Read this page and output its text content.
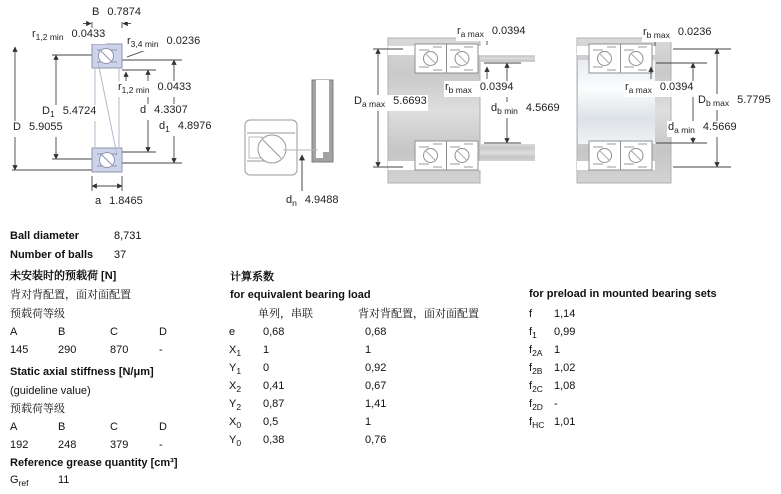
B 0.7874
$r_{1,2 min}$ 0.0433
$r_{3,4 min}$ 0.0236
$r_{1,2 min}$ 0.0433
$D_1$ 5.4724
D 5.9055
d 4.3307
$d_1$ 4.8976
a 1.8465	$d_n$ 4.9488
$r_{a max}$ 0.0394
$D_{a max}$ 5.6693
$r_{b max}$ 0.0394
$d_{b min}$ 4.5669
$r_{b max}$ 0.0236
$r_{a max}$ 0.0394
$D_{b max}$ 5.7795
$d_{a min}$ 4.5669
Ball diameter	8,731
Number of balls 37
未安装时的预载荷 [N]
背对背配置，面对面配置
预载荷等级
A	B	C	D
145	290	870	-
Static axial stiffness [N/μm]
(guideline value)
预载荷等级
A	B	C	D
192	248	379	-
Reference grease quantity [cm³]
$G_{ref}$	11
计算系数
for equivalent bearing load
单列，串联	背对背配置，面对面配置
e	0,68	0,68
$X_1$ 1	1
$Y_1$ 0	0,92
$X_2$ 0,41	0,67
$Y_2$ 0,87	1,41
$X_0$ 0,5	1
$Y_0$ 0,38	0,76
for preload in mounted bearing sets
f 1,14
$f_1$ 0,99
$f_{2A}$ 1
$f_{2B}$ 1,02
$f_{2C}$ 1,08
$f_{2D}$ -
$f_{HC}$ 1,01
